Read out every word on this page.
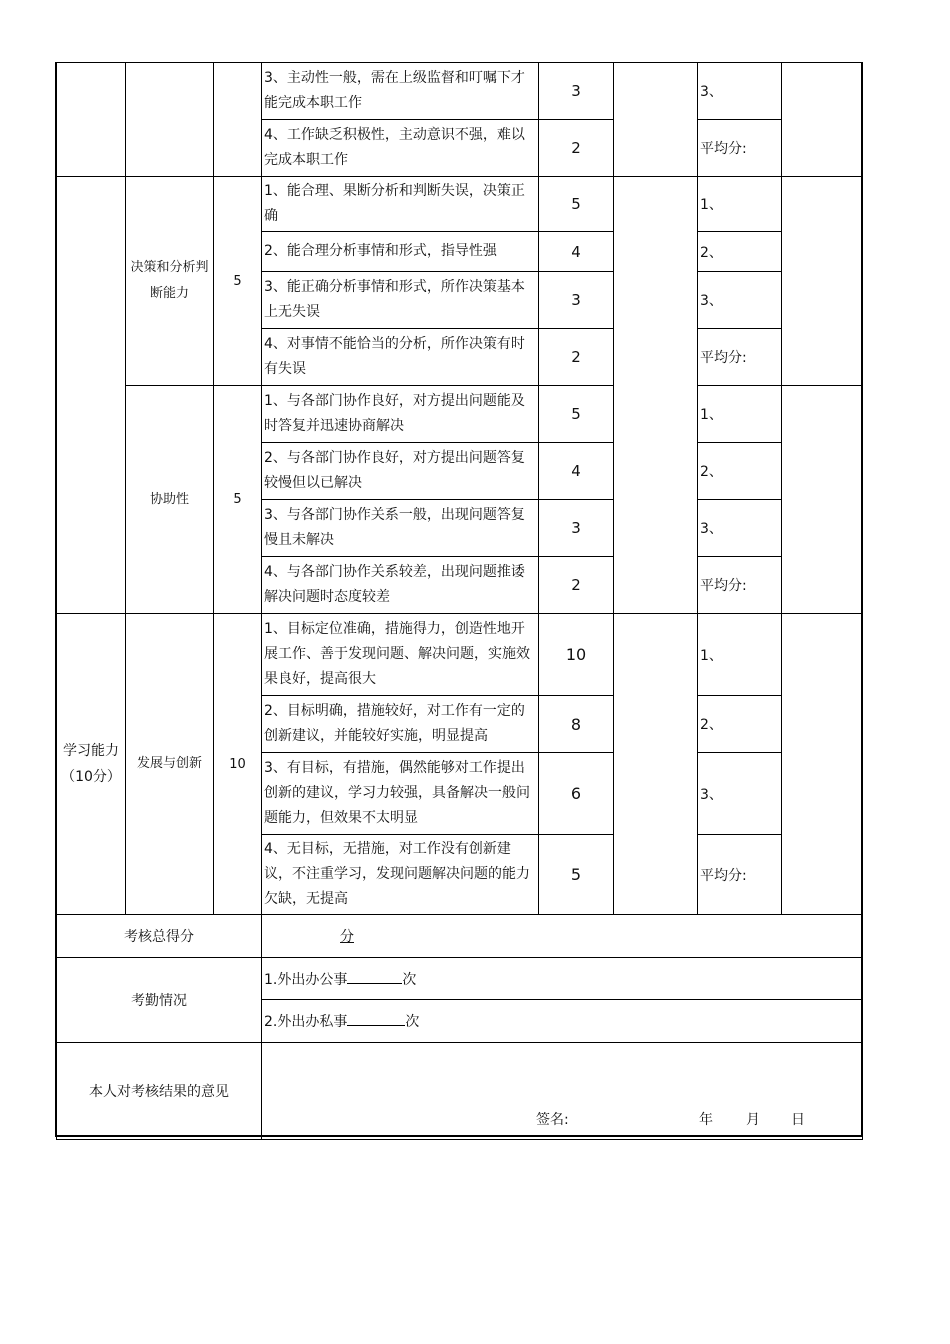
			3、主动性一般，需在上级监督和叮嘱下才能完成本职工作	3		3、	
			4、工作缺乏积极性，主动意识不强，难以完成本职工作	2		平均分:	
	决策和分析判断能力	5	1、能合理、果断分析和判断失误，决策正确	5		1、	
			2、能合理分析事情和形式，指导性强	4		2、	
			3、能正确分析事情和形式，所作决策基本上无失误	3		3、	
			4、对事情不能恰当的分析，所作决策有时有失误	2		平均分:	
	协助性	5	1、与各部门协作良好，对方提出问题能及时答复并迅速协商解决	5		1、	
			2、与各部门协作良好，对方提出问题答复较慢但以已解决	4		2、	
			3、与各部门协作关系一般，出现问题答复慢且未解决	3		3、	
			4、与各部门协作关系较差，出现问题推诿解决问题时态度较差	2		平均分:	
学习能力（10分）	发展与创新	10	1、目标定位准确，措施得力，创造性地开展工作、善于发现问题、解决问题，实施效果良好，提高很大	10		1、	
			2、目标明确，措施较好，对工作有一定的创新建议，并能较好实施，明显提高	8		2、	
			3、有目标，有措施，偶然能够对工作提出创新的建议，学习力较强，具备解决一般问题能力，但效果不太明显	6		3、	
			4、无目标，无措施，对工作没有创新建议，不注重学习，发现问题解决问题的能力欠缺，无提高	5		平均分:	
考核总得分			分				
考勤情况			1.外出办公事 次				
			2.外出办私事 次				
本人对考核结果的意见			签名: 年 月 日				
